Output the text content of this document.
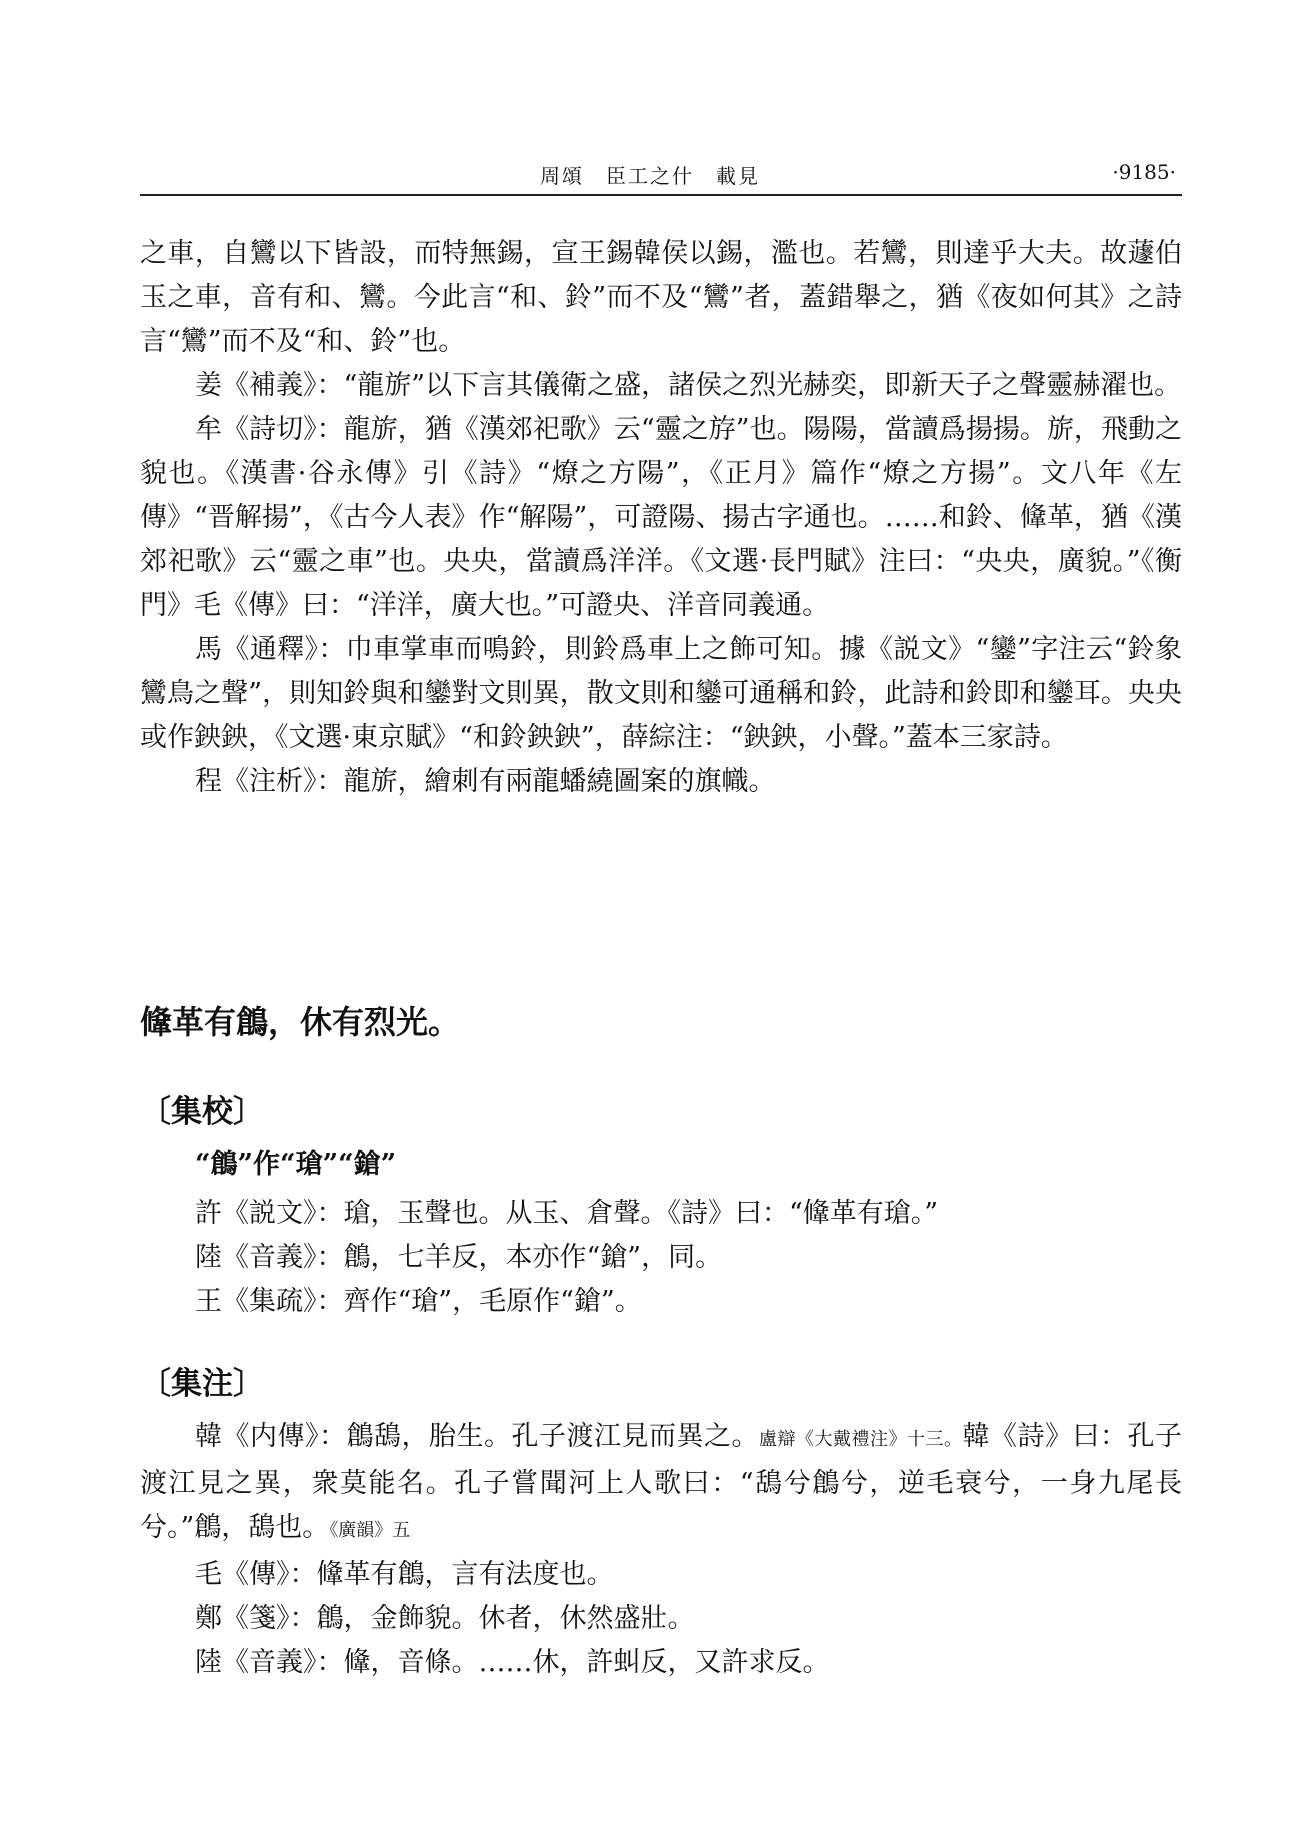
周頌　臣工之什　載見	·9185·

之車，自鸞以下皆設，而特無錫，宣王錫韓侯以錫，濫也。若鸞，則達乎大夫。故蘧伯玉之車，音有和、鸞。今此言“和、鈴”而不及“鸞”者，蓋錯舉之，猶《夜如何其》之詩言“鸞”而不及“和、鈴”也。

姜《補義》：“龍旂”以下言其儀衛之盛，諸侯之烈光赫奕，即新天子之聲靈赫濯也。

牟《詩切》：龍旂，猶《漢郊祀歌》云“靈之斿”也。陽陽，當讀爲揚揚。旂，飛動之貌也。《漢書·谷永傳》引《詩》“燎之方陽”，《正月》篇作“燎之方揚”。文八年《左傳》“晋解揚”，《古今人表》作“解陽”，可證陽、揚古字通也。……和鈴、鞗革，猶《漢郊祀歌》云“靈之車”也。央央，當讀爲洋洋。《文選·長門賦》注曰：“央央，廣貌。”《衡門》毛《傳》曰：“洋洋，廣大也。”可證央、洋音同義通。

馬《通釋》：巾車掌車而鳴鈴，則鈴爲車上之飾可知。據《説文》“鑾”字注云“鈴象鸞鳥之聲”，則知鈴與和鑾對文則異，散文則和鑾可通稱和鈴，此詩和鈴即和鑾耳。央央或作鉠鉠，《文選·東京賦》“和鈴鉠鉠”，薛綜注：“鉠鉠，小聲。”蓋本三家詩。

程《注析》：龍旂，繪刺有兩龍蟠繞圖案的旗幟。

鞗革有鶬，休有烈光。
〔集校〕
“鶬”作“瑲”“鎗”

許《説文》：瑲，玉聲也。从玉、倉聲。《詩》曰：“鞗革有瑲。”

陸《音義》：鶬，七羊反，本亦作“鎗”，同。

王《集疏》：齊作“瑲”，毛原作“鎗”。

〔集注〕

韓《内傳》：鶬鴰，胎生。孔子渡江見而異之。盧辯《大戴禮注》十三。韓《詩》曰：孔子渡江見之異，衆莫能名。孔子嘗聞河上人歌曰：“鴰兮鶬兮，逆毛衰兮，一身九尾長兮。”鶬，鴰也。《廣韻》五

毛《傳》：鞗革有鶬，言有法度也。

鄭《箋》：鶬，金飾貌。休者，休然盛壯。

陸《音義》：鞗，音條。……休，許虯反，又許求反。
